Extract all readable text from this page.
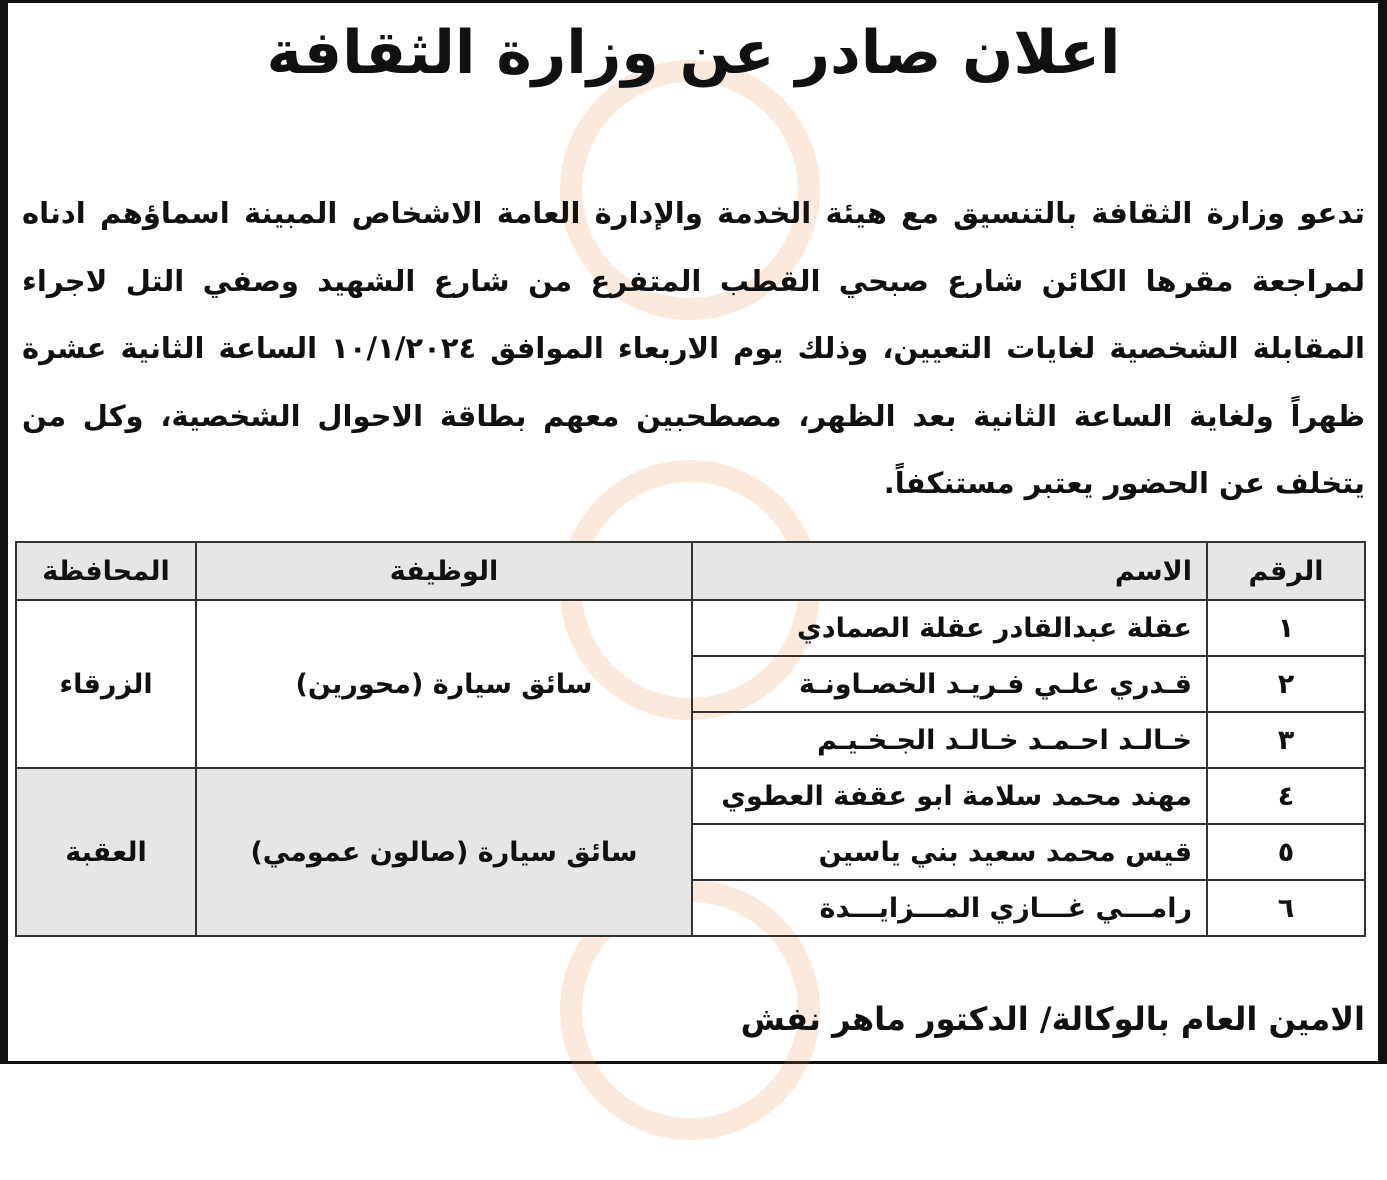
اعلان صادر عن وزارة الثقافة
تدعو وزارة الثقافة بالتنسيق مع هيئة الخدمة والإدارة العامة الاشخاص المبينة اسماؤهم ادناه لمراجعة مقرها الكائن شارع صبحي القطب المتفرع من شارع الشهيد وصفي التل لاجراء المقابلة الشخصية لغايات التعيين، وذلك يوم الاربعاء الموافق ١٠/١/٢٠٢٤ الساعة الثانية عشرة ظهراً ولغاية الساعة الثانية بعد الظهر، مصطحبين معهم بطاقة الاحوال الشخصية، وكل من يتخلف عن الحضور يعتبر مستنكفاً.
الرقم	الاسم	الوظيفة	المحافظة
١	عقلة عبدالقادر عقلة الصمادي	سائق سيارة (محورين)	الزرقاء
٢	قـدري علـي فـريـد الخصـاونـة		
٣	خـالـد احـمـد خـالـد الجـخـيـم		
٤	مهند محمد سلامة ابو عقفة العطوي	سائق سيارة (صالون عمومي)	العقبة
٥	قيس محمد سعيد بني ياسين		
٦	رامـــي غـــازي المـــزايـــدة		
الامين العام بالوكالة/ الدكتور ماهر نفش
